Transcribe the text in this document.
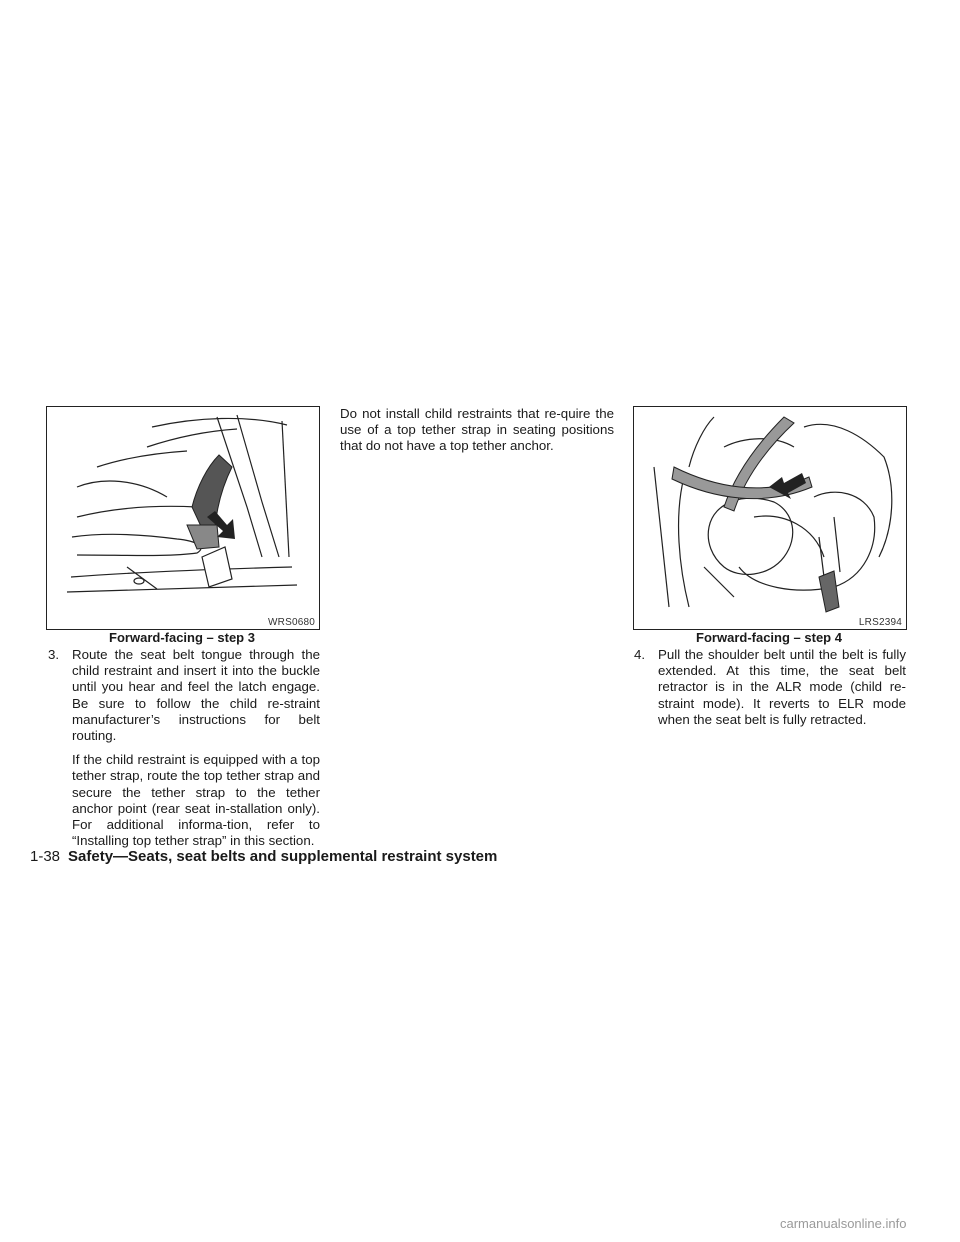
WRS0680
Forward-facing – step 3
3. Route the seat belt tongue through the child restraint and insert it into the buckle until you hear and feel the latch engage. Be sure to follow the child re-straint manufacturer’s instructions for belt routing.

If the child restraint is equipped with a top tether strap, route the top tether strap and secure the tether strap to the tether anchor point (rear seat in-stallation only). For additional informa-tion, refer to “Installing top tether strap” in this section.

Do not install child restraints that re-quire the use of a top tether strap in seating positions that do not have a top tether anchor.

LRS2394
Forward-facing – step 4
4. Pull the shoulder belt until the belt is fully extended. At this time, the seat belt retractor is in the ALR mode (child re-straint mode). It reverts to ELR mode when the seat belt is fully retracted.

1-38 Safety—Seats, seat belts and supplemental restraint system
carmanualsonline.info
